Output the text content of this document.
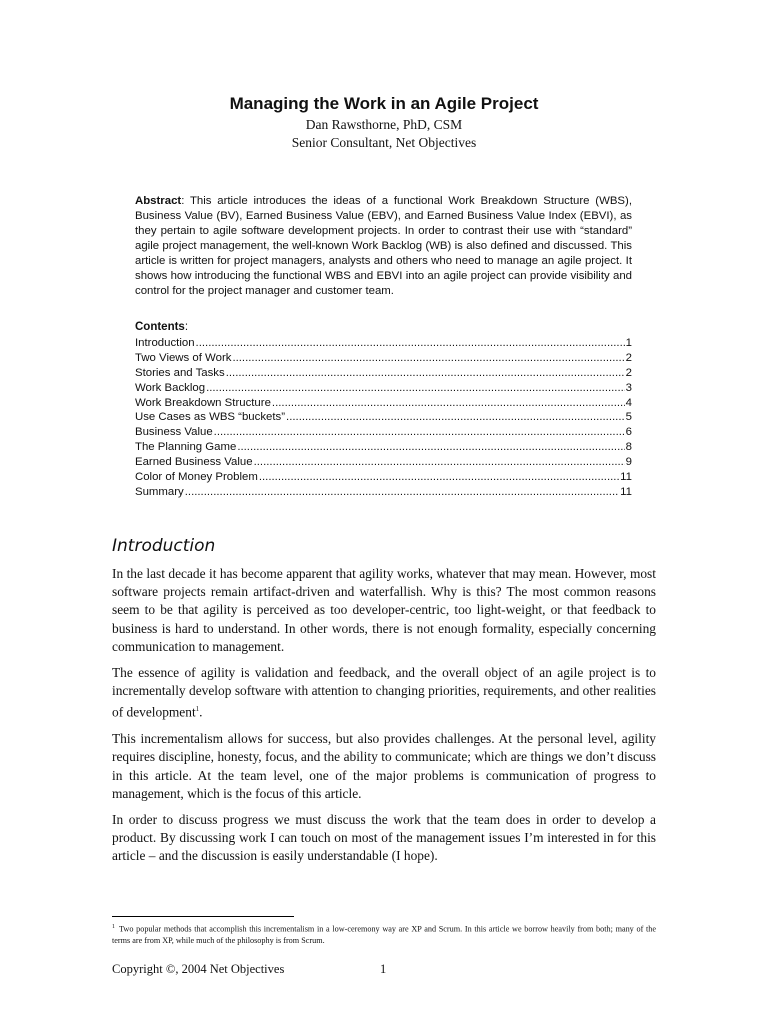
Managing the Work in an Agile Project
Dan Rawsthorne, PhD, CSM
Senior Consultant, Net Objectives
Abstract: This article introduces the ideas of a functional Work Breakdown Structure (WBS), Business Value (BV), Earned Business Value (EBV), and Earned Business Value Index (EBVI), as they pertain to agile software development projects. In order to contrast their use with “standard” agile project management, the well-known Work Backlog (WB) is also defined and discussed. This article is written for project managers, analysts and others who need to manage an agile project. It shows how introducing the functional WBS and EBVI into an agile project can provide visibility and control for the project manager and customer team.
Contents:
Introduction .....	1
Two Views of Work .....	2
Stories and Tasks .....	2
Work Backlog .....	3
Work Breakdown Structure .....	4
Use Cases as WBS “buckets” .....	5
Business Value .....	6
The Planning Game .....	8
Earned Business Value .....	9
Color of Money Problem .....	11
Summary .....	11
Introduction

In the last decade it has become apparent that agility works, whatever that may mean. However, most software projects remain artifact-driven and waterfallish. Why is this? The most common reasons seem to be that agility is perceived as too developer-centric, too light-weight, or that feedback to business is hard to understand. In other words, there is not enough formality, especially concerning communication to management.

The essence of agility is validation and feedback, and the overall object of an agile project is to incrementally develop software with attention to changing priorities, requirements, and other realities of development$^1$.

This incrementalism allows for success, but also provides challenges. At the personal level, agility requires discipline, honesty, focus, and the ability to communicate; which are things we don’t discuss in this article. At the team level, one of the major problems is communication of progress to management, which is the focus of this article.

In order to discuss progress we must discuss the work that the team does in order to develop a product. By discussing work I can touch on most of the management issues I’m interested in for this article – and the discussion is easily understandable (I hope).

$^1$ Two popular methods that accomplish this incrementalism in a low-ceremony way are XP and Scrum. In this article we borrow heavily from both; many of the terms are from XP, while much of the philosophy is from Scrum.
Copyright ©, 2004 Net Objectives	1
